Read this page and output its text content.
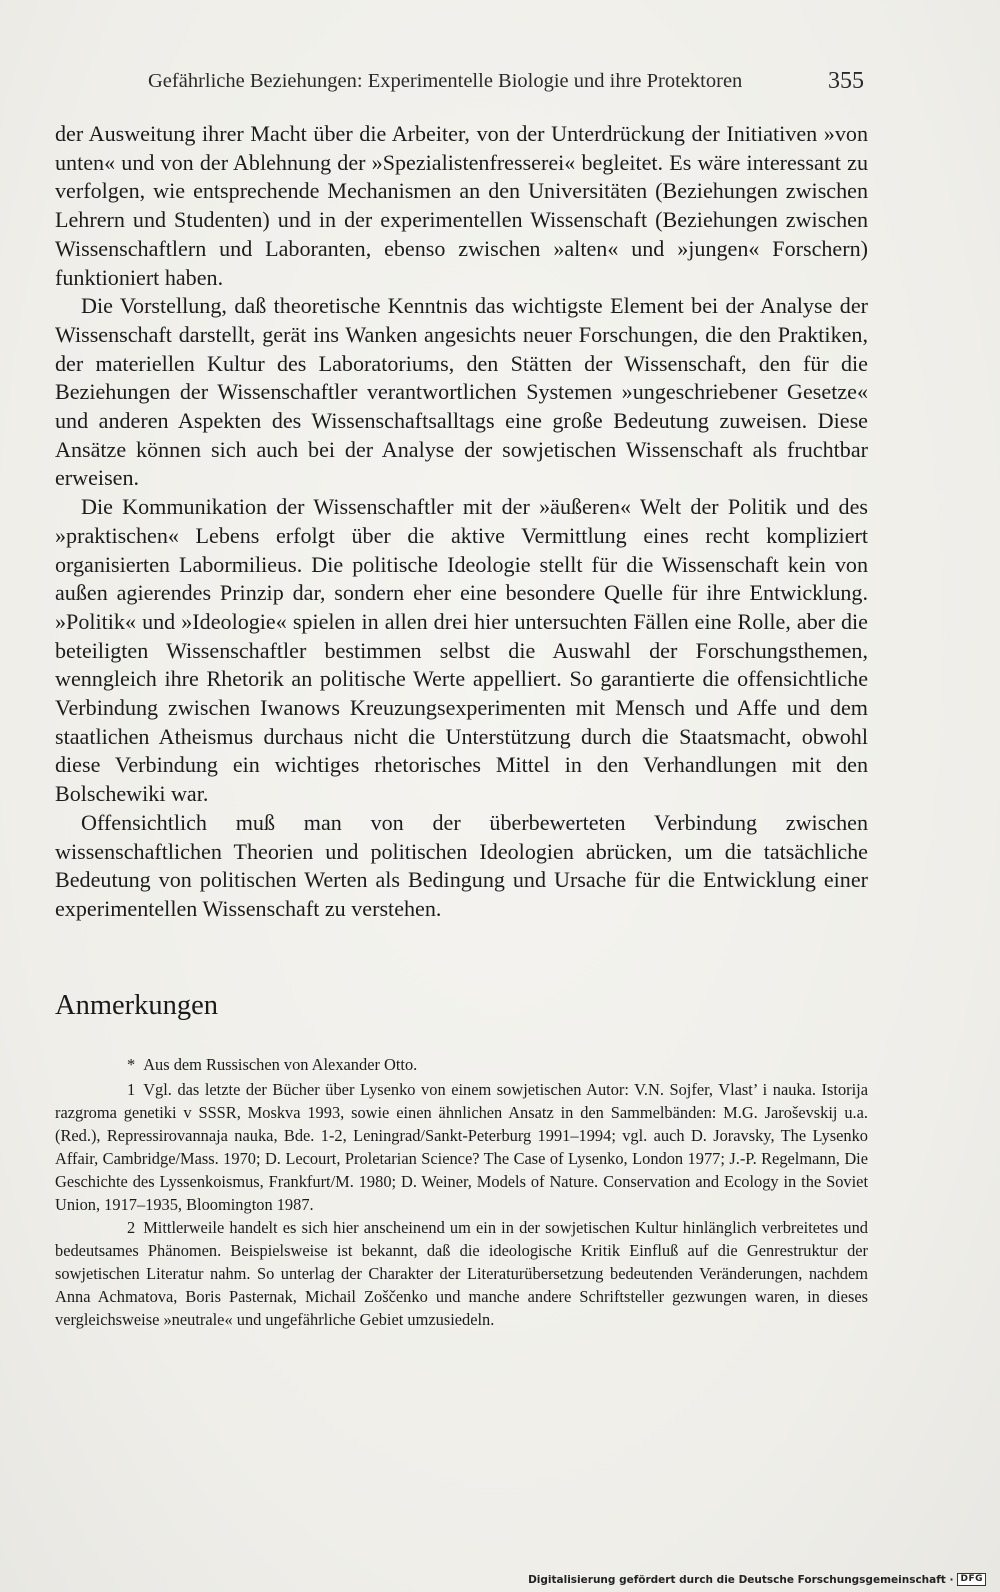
Gefährliche Beziehungen: Experimentelle Biologie und ihre Protektoren	355

der Ausweitung ihrer Macht über die Arbeiter, von der Unterdrückung der Initiativen »von unten« und von der Ablehnung der »Spezialistenfresserei« begleitet. Es wäre interessant zu verfolgen, wie entsprechende Mechanismen an den Universitäten (Beziehungen zwischen Lehrern und Studenten) und in der experimentellen Wissenschaft (Beziehungen zwischen Wissenschaftlern und Laboranten, ebenso zwischen »alten« und »jungen« Forschern) funktioniert haben.

Die Vorstellung, daß theoretische Kenntnis das wichtigste Element bei der Analyse der Wissenschaft darstellt, gerät ins Wanken angesichts neuer Forschungen, die den Praktiken, der materiellen Kultur des Laboratoriums, den Stätten der Wissenschaft, den für die Beziehungen der Wissenschaftler verantwortlichen Systemen »ungeschriebener Gesetze« und anderen Aspekten des Wissenschaftsalltags eine große Bedeutung zuweisen. Diese Ansätze können sich auch bei der Analyse der sowjetischen Wissenschaft als fruchtbar erweisen.

Die Kommunikation der Wissenschaftler mit der »äußeren« Welt der Politik und des »praktischen« Lebens erfolgt über die aktive Vermittlung eines recht kompliziert organisierten Labormilieus. Die politische Ideologie stellt für die Wissenschaft kein von außen agierendes Prinzip dar, sondern eher eine besondere Quelle für ihre Entwicklung. »Politik« und »Ideologie« spielen in allen drei hier untersuchten Fällen eine Rolle, aber die beteiligten Wissenschaftler bestimmen selbst die Auswahl der Forschungsthemen, wenngleich ihre Rhetorik an politische Werte appelliert. So garantierte die offensichtliche Verbindung zwischen Iwanows Kreuzungsexperimenten mit Mensch und Affe und dem staatlichen Atheismus durchaus nicht die Unterstützung durch die Staatsmacht, obwohl diese Verbindung ein wichtiges rhetorisches Mittel in den Verhandlungen mit den Bolschewiki war.

Offensichtlich muß man von der überbewerteten Verbindung zwischen wissenschaftlichen Theorien und politischen Ideologien abrücken, um die tatsächliche Bedeutung von politischen Werten als Bedingung und Ursache für die Entwicklung einer experimentellen Wissenschaft zu verstehen.

Anmerkungen

* Aus dem Russischen von Alexander Otto.

1 Vgl. das letzte der Bücher über Lysenko von einem sowjetischen Autor: V.N. Sojfer, Vlast’ i nauka. Istorija razgroma genetiki v SSSR, Moskva 1993, sowie einen ähnlichen Ansatz in den Sammelbänden: M.G. Jaroševskij u.a. (Red.), Repressirovannaja nauka, Bde. 1-2, Leningrad/Sankt-Peterburg 1991–1994; vgl. auch D. Joravsky, The Lysenko Affair, Cambridge/Mass. 1970; D. Lecourt, Proletarian Science? The Case of Lysenko, London 1977; J.-P. Regelmann, Die Geschichte des Lyssenkoismus, Frankfurt/M. 1980; D. Weiner, Models of Nature. Conservation and Ecology in the Soviet Union, 1917–1935, Bloomington 1987.

2 Mittlerweile handelt es sich hier anscheinend um ein in der sowjetischen Kultur hinlänglich verbreitetes und bedeutsames Phänomen. Beispielsweise ist bekannt, daß die ideologische Kritik Einfluß auf die Genrestruktur der sowjetischen Literatur nahm. So unterlag der Charakter der Literaturübersetzung bedeutenden Veränderungen, nachdem Anna Achmatova, Boris Pasternak, Michail Zoščenko und manche andere Schriftsteller gezwungen waren, in dieses vergleichsweise »neutrale« und ungefährliche Gebiet umzusiedeln.

Digitalisierung gefördert durch die Deutsche Forschungsgemeinschaft · DFG
